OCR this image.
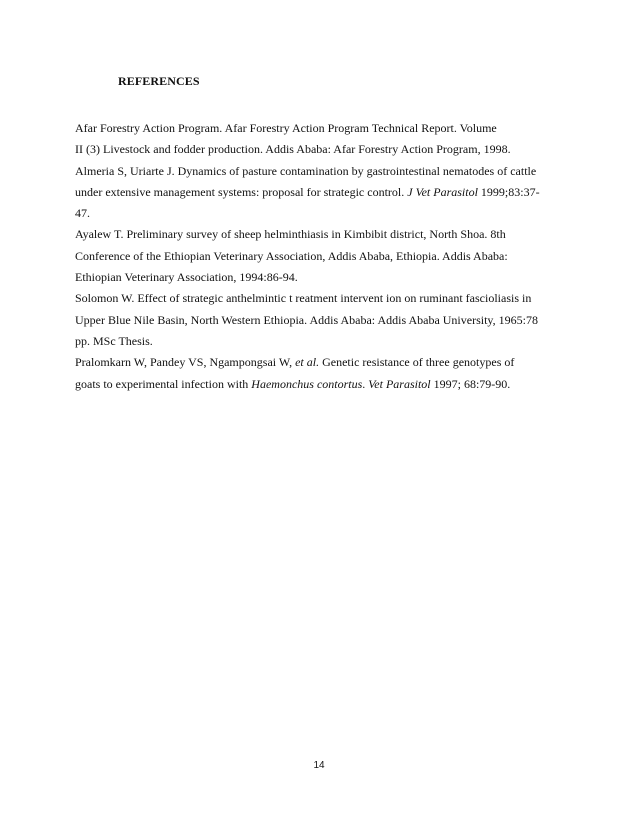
REFERENCES

Afar Forestry Action Program. Afar Forestry Action Program Technical Report. Volume
II (3) Livestock and fodder production. Addis Ababa: Afar Forestry Action Program, 1998.

Almeria S, Uriarte J. Dynamics of pasture contamination by gastrointestinal nematodes of cattle
under extensive management systems: proposal for strategic control. J Vet Parasitol 1999;83:37-
47.

Ayalew T. Preliminary survey of sheep helminthiasis in Kimbibit district, North Shoa. 8th
Conference of the Ethiopian Veterinary Association, Addis Ababa, Ethiopia. Addis Ababa:
Ethiopian Veterinary Association, 1994:86-94.

Solomon W. Effect of strategic anthelmintic t reatment intervent ion on ruminant fascioliasis in
Upper Blue Nile Basin, North Western Ethiopia. Addis Ababa: Addis Ababa University, 1965:78
pp. MSc Thesis.

Pralomkarn W, Pandey VS, Ngampongsai W, et al. Genetic resistance of three genotypes of
goats to experimental infection with Haemonchus contortus. Vet Parasitol 1997; 68:79-90.

14
